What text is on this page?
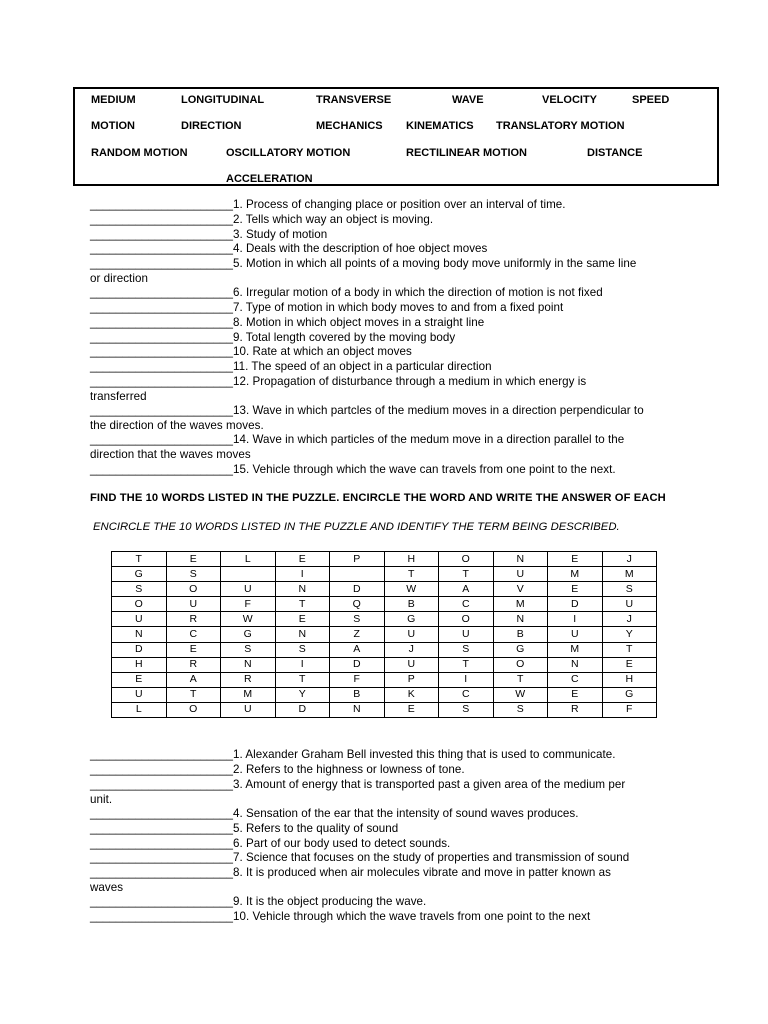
MEDIUM	LONGITUDINAL	TRANSVERSE	WAVE	VELOCITY	SPEED
MOTION	DIRECTION	MECHANICS KINEMATICS TRANSLATORY MOTION
RANDOM MOTION	OSCILLATORY MOTION	RECTILINEAR MOTION	DISTANCE
ACCELERATION
______________________1. Process of changing place or position over an interval of time.
______________________2. Tells which way an object is moving.
______________________3. Study of motion
______________________4. Deals with the description of hoe object moves
______________________5. Motion in which all points of a moving body move uniformly in the same line
or direction
______________________6. Irregular motion of a body in which the direction of motion is not fixed
______________________7. Type of motion in which body moves to and from a fixed point
______________________8. Motion in which object moves in a straight line
______________________9. Total length covered by the moving body
______________________10. Rate at which an object moves
______________________11. The speed of an object in a particular direction
______________________12. Propagation of disturbance through a medium in which energy is
transferred
______________________13. Wave in which partcles of the medium moves in a direction perpendicular to
the direction of the waves moves.
______________________14. Wave in which particles of the medum move in a direction parallel to the
direction that the waves moves
______________________15. Vehicle through which the wave can travels from one point to the next.
FIND THE 10 WORDS LISTED IN THE PUZZLE. ENCIRCLE THE WORD AND WRITE THE ANSWER OF EACH
ENCIRCLE THE 10 WORDS LISTED IN THE PUZZLE AND IDENTIFY THE TERM BEING DESCRIBED.
T	E	L	E	P	H	O	N	E	J
G	S		I		T	T	U	M	M
S	O	U	N	D	W	A	V	E	S
O	U	F	T	Q	B	C	M	D	U
U	R	W	E	S	G	O	N	I	J
N	C	G	N	Z	U	U	B	U	Y
D	E	S	S	A	J	S	G	M	T
H	R	N	I	D	U	T	O	N	E
E	A	R	T	F	P	I	T	C	H
U	T	M	Y	B	K	C	W	E	G
L	O	U	D	N	E	S	S	R	F
______________________1. Alexander Graham Bell invested this thing that is used to communicate.
______________________2. Refers to the highness or lowness of tone.
______________________3. Amount of energy that is transported past a given area of the medium per
unit.
______________________4. Sensation of the ear that the intensity of sound waves produces.
______________________5. Refers to the quality of sound
______________________6. Part of our body used to detect sounds.
______________________7. Science that focuses on the study of properties and transmission of sound
______________________8. It is produced when air molecules vibrate and move in patter known as
waves
______________________9. It is the object producing the wave.
______________________10. Vehicle through which the wave travels from one point to the next
